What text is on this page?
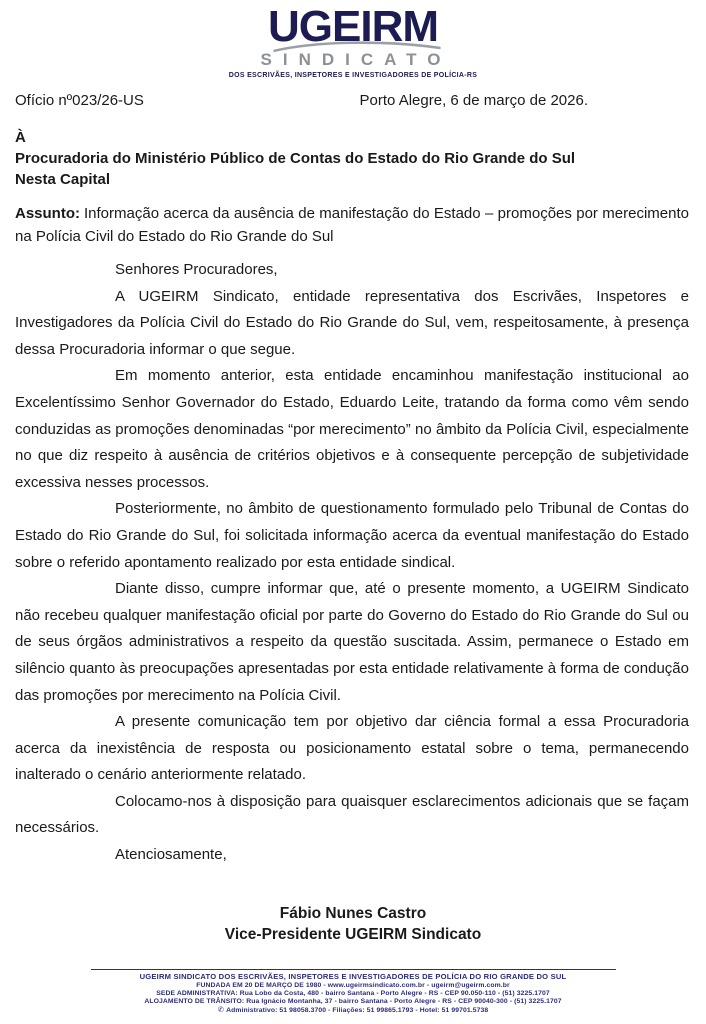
UGEIRM
SINDICATO
DOS ESCRIVÃES, INSPETORES E INVESTIGADORES DE POLÍCIA-RS
Ofício nº023/26-US	Porto Alegre, 6 de março de 2026.
À
Procuradoria do Ministério Público de Contas do Estado do Rio Grande do Sul
Nesta Capital
Assunto: Informação acerca da ausência de manifestação do Estado – promoções por merecimento na Polícia Civil do Estado do Rio Grande do Sul

Senhores Procuradores,

A UGEIRM Sindicato, entidade representativa dos Escrivães, Inspetores e Investigadores da Polícia Civil do Estado do Rio Grande do Sul, vem, respeitosamente, à presença dessa Procuradoria informar o que segue.

Em momento anterior, esta entidade encaminhou manifestação institucional ao Excelentíssimo Senhor Governador do Estado, Eduardo Leite, tratando da forma como vêm sendo conduzidas as promoções denominadas “por merecimento” no âmbito da Polícia Civil, especialmente no que diz respeito à ausência de critérios objetivos e à consequente percepção de subjetividade excessiva nesses processos.

Posteriormente, no âmbito de questionamento formulado pelo Tribunal de Contas do Estado do Rio Grande do Sul, foi solicitada informação acerca da eventual manifestação do Estado sobre o referido apontamento realizado por esta entidade sindical.

Diante disso, cumpre informar que, até o presente momento, a UGEIRM Sindicato não recebeu qualquer manifestação oficial por parte do Governo do Estado do Rio Grande do Sul ou de seus órgãos administrativos a respeito da questão suscitada. Assim, permanece o Estado em silêncio quanto às preocupações apresentadas por esta entidade relativamente à forma de condução das promoções por merecimento na Polícia Civil.

A presente comunicação tem por objetivo dar ciência formal a essa Procuradoria acerca da inexistência de resposta ou posicionamento estatal sobre o tema, permanecendo inalterado o cenário anteriormente relatado.

Colocamo-nos à disposição para quaisquer esclarecimentos adicionais que se façam necessários.

Atenciosamente,

Fábio Nunes Castro
Vice-Presidente UGEIRM Sindicato
UGEIRM SINDICATO DOS ESCRIVÃES, INSPETORES E INVESTIGADORES DE POLÍCIA DO RIO GRANDE DO SUL
FUNDADA EM 20 DE MARÇO DE 1980 - www.ugeirmsindicato.com.br - ugeirm@ugeirm.com.br
SEDE ADMINISTRATIVA: Rua Lobo da Costa, 480 - bairro Santana - Porto Alegre - RS - CEP 90.050-110 - (51) 3225.1707
ALOJAMENTO DE TRÂNSITO: Rua Ignácio Montanha, 37 - bairro Santana - Porto Alegre - RS - CEP 90040-300 - (51) 3225.1707
✆ Administrativo: 51 98058.3700 - Filiações: 51 99865.1793 - Hotel: 51 99701.5738
